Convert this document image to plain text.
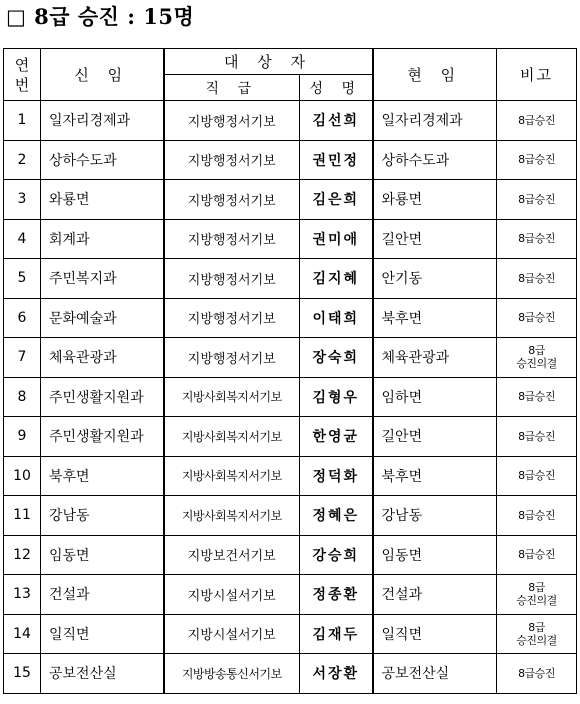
□ 8급 승진 : 15명
연
번	신 임	대 상 자		현 임	비고
		직 급	성 명		
1	일자리경제과	지방행정서기보	김선희	일자리경제과	8급승진
2	상하수도과	지방행정서기보	권민정	상하수도과	8급승진
3	와룡면	지방행정서기보	김은희	와룡면	8급승진
4	회계과	지방행정서기보	권미애	길안면	8급승진
5	주민복지과	지방행정서기보	김지혜	안기동	8급승진
6	문화예술과	지방행정서기보	이태희	북후면	8급승진
7	체육관광과	지방행정서기보	장숙희	체육관광과	8급
승진의결

8	주민생활지원과	지방사회복지서기보	김형우	임하면	8급승진
9	주민생활지원과	지방사회복지서기보	한영균	길안면	8급승진
10	북후면	지방사회복지서기보	정덕화	북후면	8급승진
11	강남동	지방사회복지서기보	정혜은	강남동	8급승진
12	임동면	지방보건서기보	강승희	임동면	8급승진
13	건설과	지방시설서기보	정종환	건설과	8급
승진의결

14	일직면	지방시설서기보	김재두	일직면	8급
승진의결

15	공보전산실	지방방송통신서기보	서장환	공보전산실	8급승진
